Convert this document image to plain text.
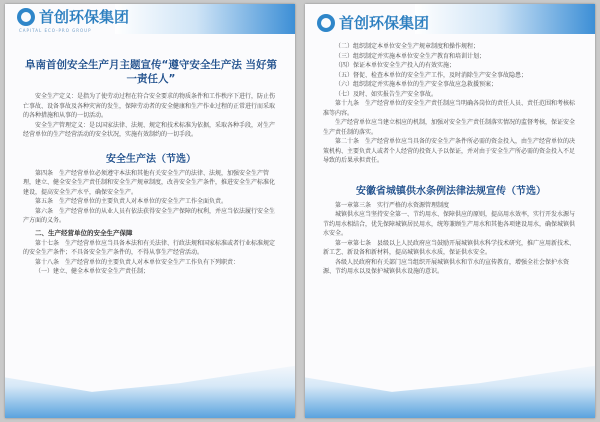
首创环保集团
CAPITAL ECO-PRO GROUP
阜南首创安全生产月主题宣传“遵守安全生产法 当好第一责任人”

安全生产定义：是指为了使劳动过程在符合安全要求的物质条件和工作秩序下进行，防止伤亡事故、设备事故及各种灾害的发生，保障劳动者的安全健康和生产作业过程的正常进行而采取的各种措施和从事的一切活动。

安全生产管理定义：是以国家法律、法规、规定和技术标准为依据，采取各种手段，对生产经营单位的生产经营活动的安全状况，实施有效制约的一切手段。

安全生产法（节选）

第四条　生产经营单位必须遵守本法和其他有关安全生产的法律、法规，加强安全生产管理，建立、健全安全生产责任制和安全生产规章制度，改善安全生产条件，推进安全生产标准化建设，提高安全生产水平，确保安全生产。

第五条　生产经营单位的主要负责人对本单位的安全生产工作全面负责。

第六条　生产经营单位的从业人员有依法获得安全生产保障的权利，并应当依法履行安全生产方面的义务。

二、生产经营单位的安全生产保障

第十七条　生产经营单位应当具备本法和有关法律、行政法规和国家标准或者行业标准规定的安全生产条件；不具备安全生产条件的，不得从事生产经营活动。

第十八条　生产经营单位的主要负责人对本单位安全生产工作负有下列职责：

（一）建立、健全本单位安全生产责任制；

首创环保集团

（二）组织制定本单位安全生产规章制度和操作规程；

（三）组织制定并实施本单位安全生产教育和培训计划；

（四）保证本单位安全生产投入的有效实施；

（五）督促、检查本单位的安全生产工作，及时消除生产安全事故隐患；

（六）组织制定并实施本单位的生产安全事故应急救援预案；

（七）及时、如实报告生产安全事故。

第十九条　生产经营单位的安全生产责任制应当明确各岗位的责任人员、责任范围和考核标准等内容。

生产经营单位应当建立相应的机制，加强对安全生产责任制落实情况的监督考核，保证安全生产责任制的落实。

第二十条　生产经营单位应当具备的安全生产条件所必需的资金投入，由生产经营单位的决策机构、主要负责人或者个人经营的投资人予以保证，并对由于安全生产所必需的资金投入不足导致的后果承担责任。

安徽省城镇供水条例法律法规宣传（节选）

第一章第三条　实行严格的水资源管理制度

城镇供水应当坚持安全第一、节约用水、保障供应的原则，提高用水效率，实行开发水源与节约用水相结合，优先保障城镇居民用水，统筹兼顾生产用水和其他各项建设用水，确保城镇供水安全。

第一章第七条　县级以上人民政府应当鼓励开展城镇供水科学技术研究，推广应用新技术、新工艺、新设备和新材料，提高城镇供水水质，保证供水安全。

各级人民政府和有关部门应当组织开展城镇供水和节水的宣传教育，增强全社会保护水资源、节约用水以及保护城镇供水设施的意识。
